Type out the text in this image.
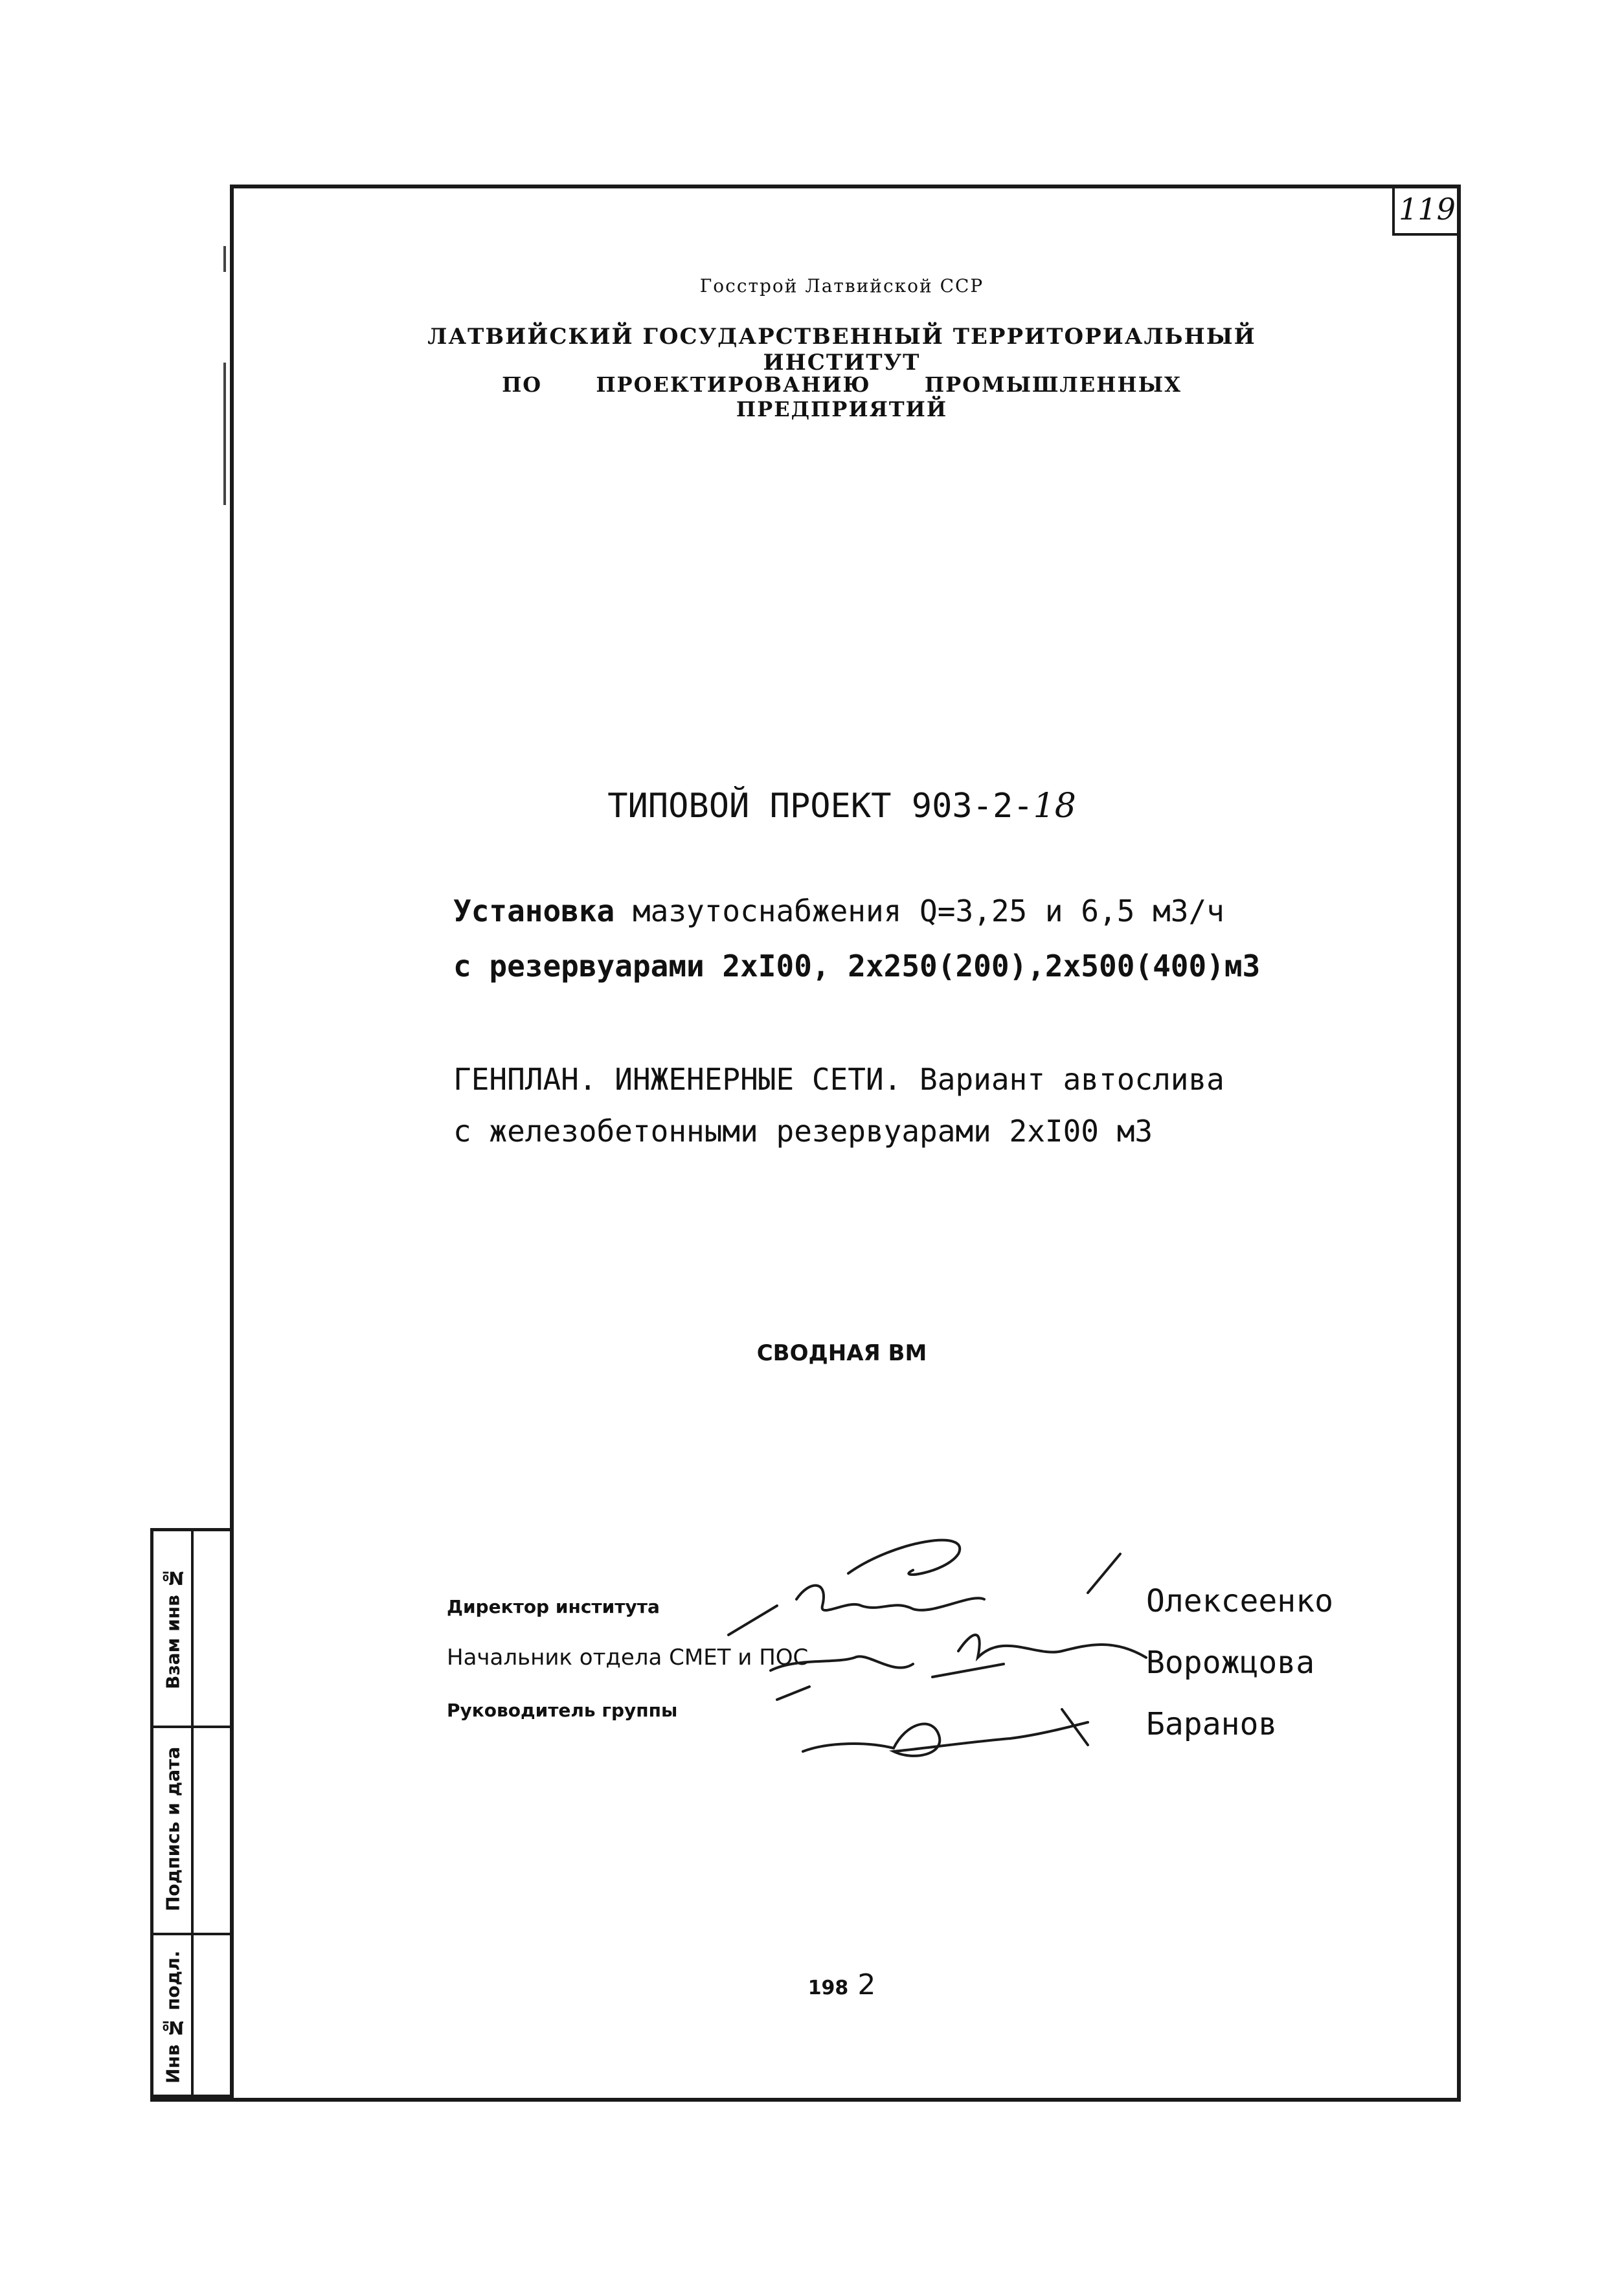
119
Взам инв №
Подпись и дата
Инв № подл.
Госстрой Латвийской ССР
ЛАТВИЙСКИЙ ГОСУДАРСТВЕННЫЙ ТЕРРИТОРИАЛЬНЫЙ ИНСТИТУТ
ПО ПРОЕКТИРОВАНИЮ ПРОМЫШЛЕННЫХ ПРЕДПРИЯТИЙ
ТИПОВОЙ ПРОЕКТ 903-2-18
Установка мазутоснабжения Q=3,25 и 6,5 м3/ч
с резервуарами 2хI00, 2х250(200),2х500(400)м3
ГЕНПЛАН. ИНЖЕНЕРНЫЕ СЕТИ. Вариант автослива
с железобетонными резервуарами 2хI00 м3
СВОДНАЯ ВМ
Директор института
Начальник отдела СМЕТ и ПОС
Руководитель группы
Олексеенко
Ворожцова
Баранов
198 2
